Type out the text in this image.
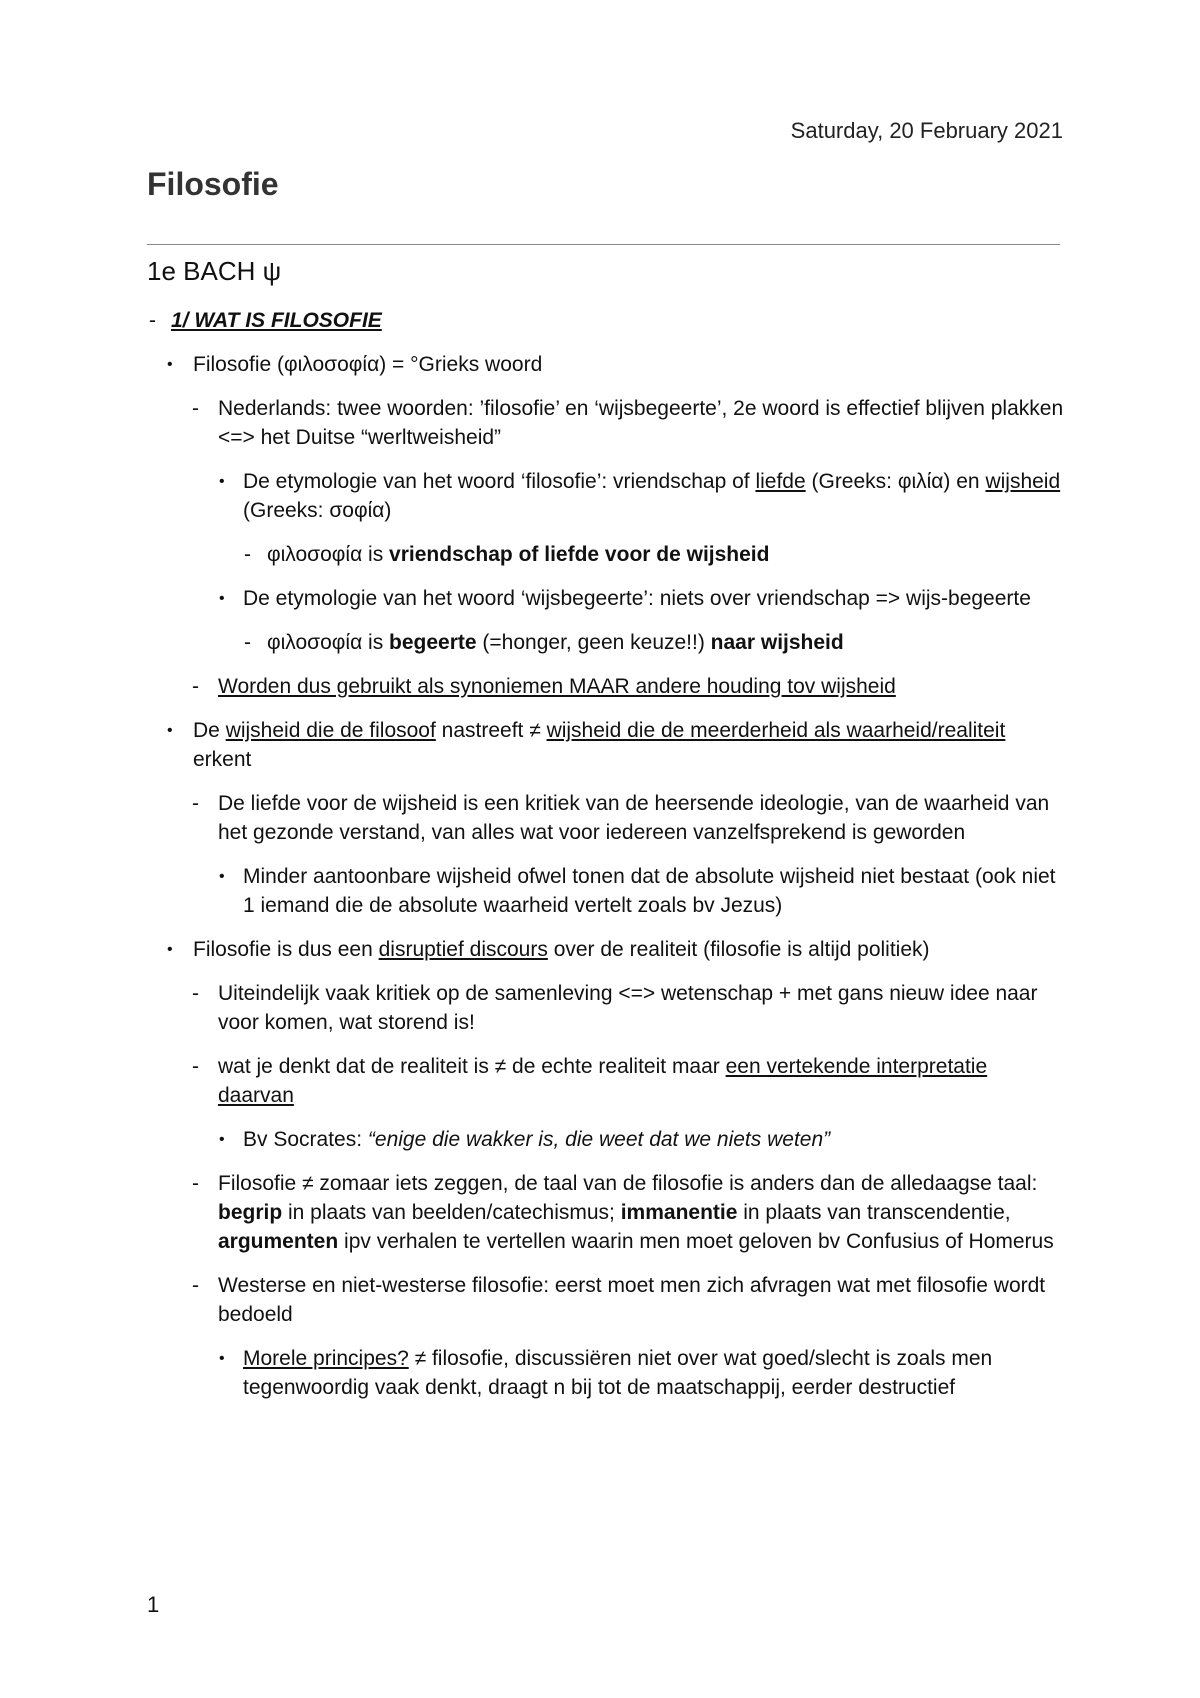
Saturday, 20 February 2021
Filosofie
1e BACH ψ
- 1/ WAT IS FILOSOFIE
• Filosofie (φιλοσοφία) = °Grieks woord
- Nederlands: twee woorden: ’filosofie’ en ‘wijsbegeerte’, 2e woord is effectief blijven plakken <=> het Duitse “werltweisheid”
• De etymologie van het woord ‘filosofie’: vriendschap of liefde (Greeks: φιλία) en wijsheid (Greeks: σοφία)
- φιλοσοφία is vriendschap of liefde voor de wijsheid
• De etymologie van het woord ‘wijsbegeerte’: niets over vriendschap => wijs-begeerte
- φιλοσοφία is begeerte (=honger, geen keuze!!) naar wijsheid
- Worden dus gebruikt als synoniemen MAAR andere houding tov wijsheid
• De wijsheid die de filosoof nastreeft ≠ wijsheid die de meerderheid als waarheid/realiteit erkent
- De liefde voor de wijsheid is een kritiek van de heersende ideologie, van de waarheid van het gezonde verstand, van alles wat voor iedereen vanzelfsprekend is geworden
• Minder aantoonbare wijsheid ofwel tonen dat de absolute wijsheid niet bestaat (ook niet 1 iemand die de absolute waarheid vertelt zoals bv Jezus)
• Filosofie is dus een disruptief discours over de realiteit (filosofie is altijd politiek)
- Uiteindelijk vaak kritiek op de samenleving <=> wetenschap + met gans nieuw idee naar voor komen, wat storend is!
- wat je denkt dat de realiteit is ≠ de echte realiteit maar een vertekende interpretatie daarvan
• Bv Socrates: “enige die wakker is, die weet dat we niets weten”
- Filosofie ≠ zomaar iets zeggen, de taal van de filosofie is anders dan de alledaagse taal: begrip in plaats van beelden/catechismus; immanentie in plaats van transcendentie, argumenten ipv verhalen te vertellen waarin men moet geloven bv Confusius of Homerus
- Westerse en niet-westerse filosofie: eerst moet men zich afvragen wat met filosofie wordt bedoeld
• Morele principes? ≠ filosofie, discussiëren niet over wat goed/slecht is zoals men tegenwoordig vaak denkt, draagt n bij tot de maatschappij, eerder destructief
1
